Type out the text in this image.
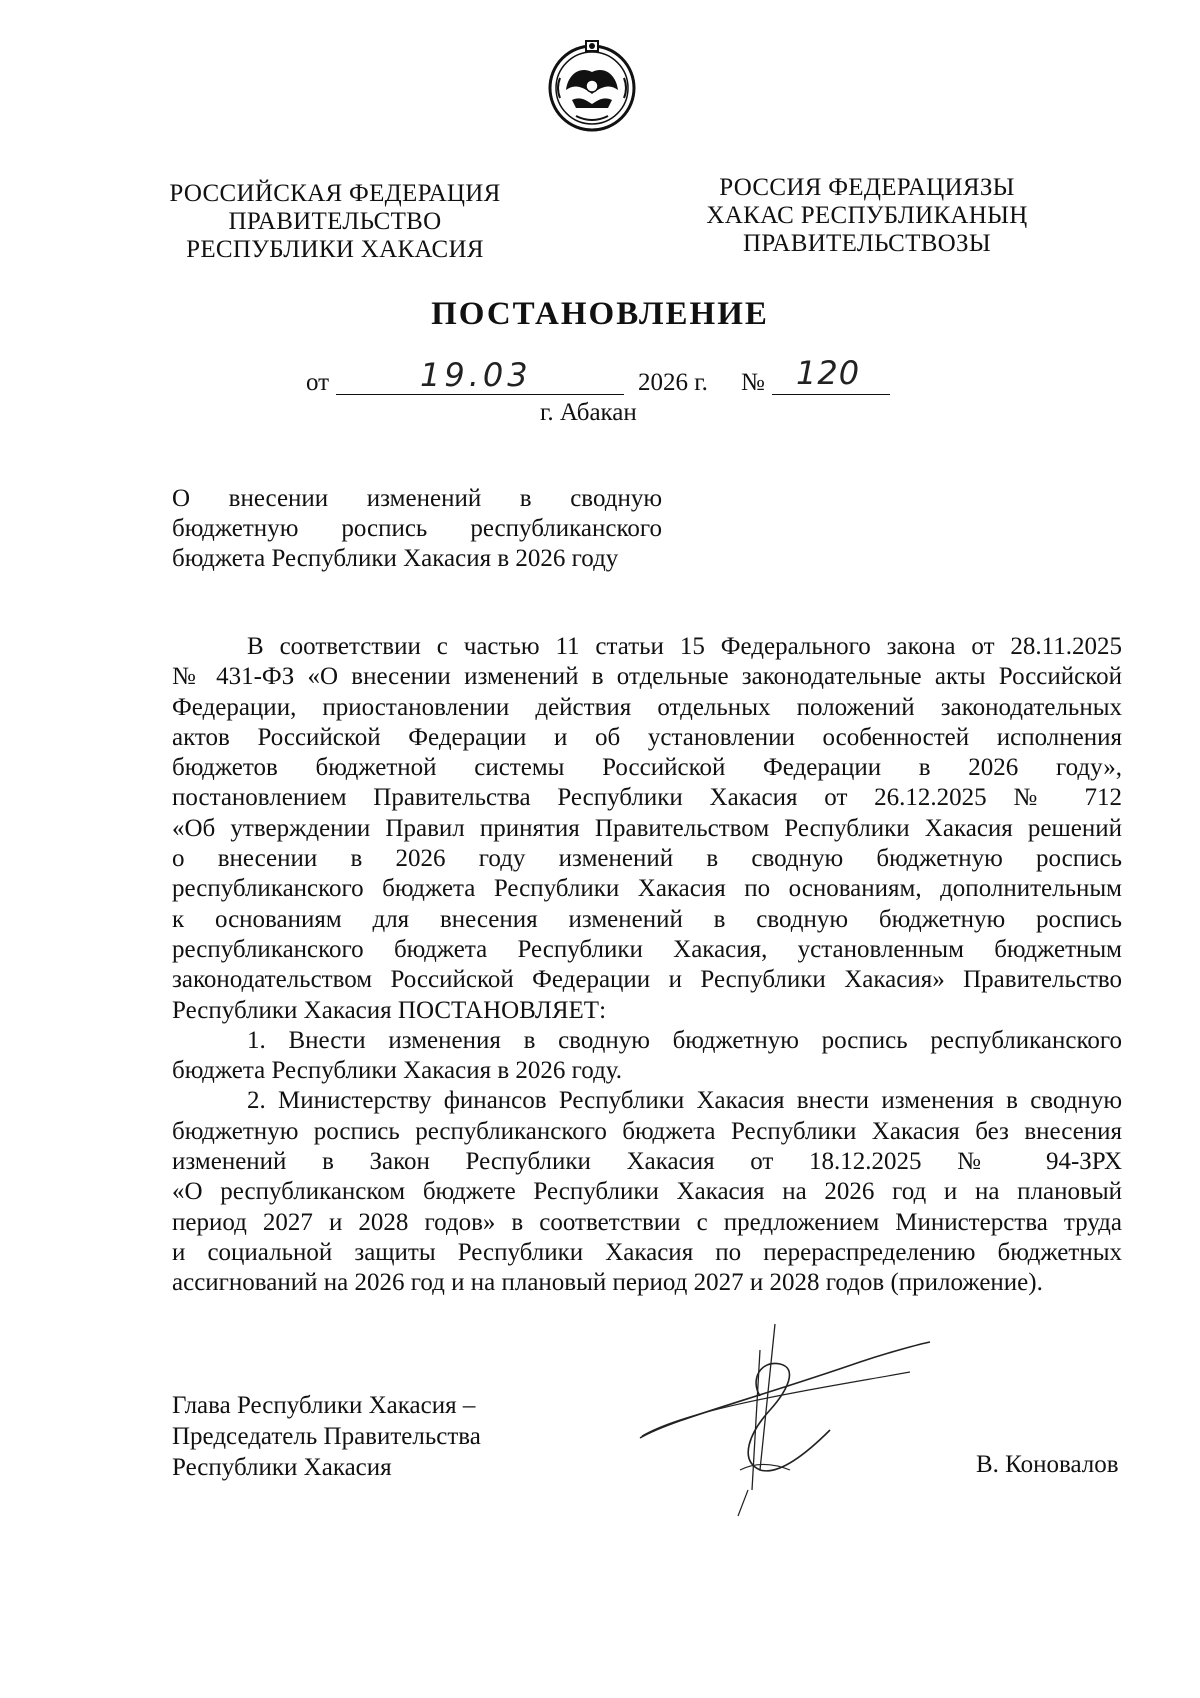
РОССИЙСКАЯ ФЕДЕРАЦИЯ
ПРАВИТЕЛЬСТВО
РЕСПУБЛИКИ ХАКАСИЯ
РОССИЯ ФЕДЕРАЦИЯЗЫ
ХАКАС РЕСПУБЛИКАНЫҢ
ПРАВИТЕЛЬСТВОЗЫ
ПОСТАНОВЛЕНИЕ
от	19.03	2026 г. № 120
г. Абакан
О внесении изменений в сводную
бюджетную роспись республиканского
бюджета Республики Хакасия в 2026 году
В соответствии с частью 11 статьи 15 Федерального закона от 28.11.2025
№ 431-ФЗ «О внесении изменений в отдельные законодательные акты Российской
Федерации, приостановлении действия отдельных положений законодательных
актов Российской Федерации и об установлении особенностей исполнения
бюджетов бюджетной системы Российской Федерации в 2026 году»,
постановлением Правительства Республики Хакасия от 26.12.2025 № 712
«Об утверждении Правил принятия Правительством Республики Хакасия решений
о внесении в 2026 году изменений в сводную бюджетную роспись
республиканского бюджета Республики Хакасия по основаниям, дополнительным
к основаниям для внесения изменений в сводную бюджетную роспись
республиканского бюджета Республики Хакасия, установленным бюджетным
законодательством Российской Федерации и Республики Хакасия» Правительство
Республики Хакасия ПОСТАНОВЛЯЕТ:
1. Внести изменения в сводную бюджетную роспись республиканского
бюджета Республики Хакасия в 2026 году.
2. Министерству финансов Республики Хакасия внести изменения в сводную
бюджетную роспись республиканского бюджета Республики Хакасия без внесения
изменений в Закон Республики Хакасия от 18.12.2025 № 94-ЗРХ
«О республиканском бюджете Республики Хакасия на 2026 год и на плановый
период 2027 и 2028 годов» в соответствии с предложением Министерства труда
и социальной защиты Республики Хакасия по перераспределению бюджетных
ассигнований на 2026 год и на плановый период 2027 и 2028 годов (приложение).
Глава Республики Хакасия –
Председатель Правительства
Республики Хакасия	В. Коновалов
